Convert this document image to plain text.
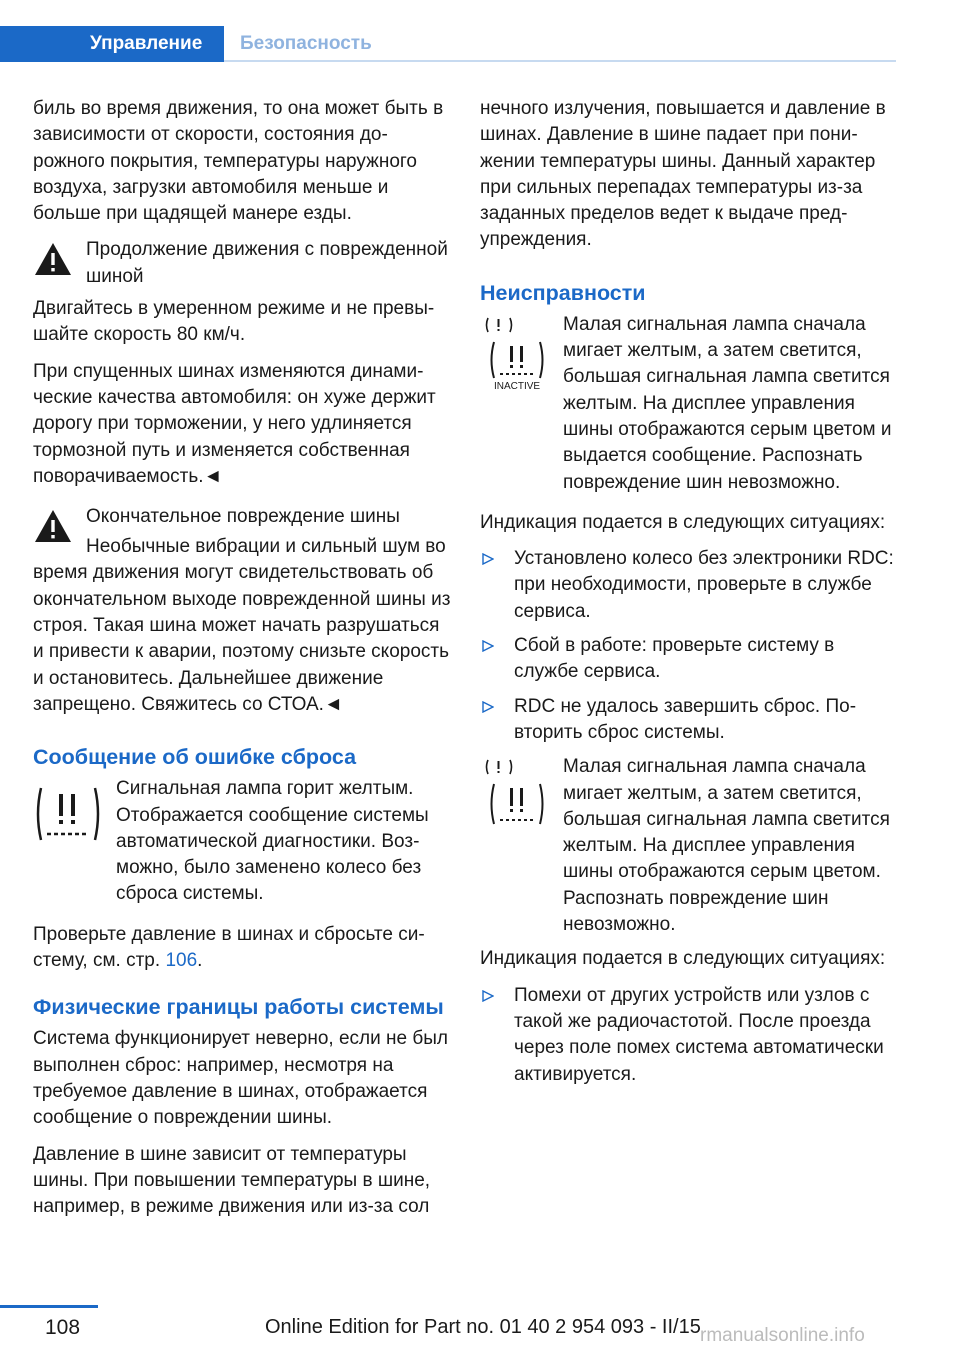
Управление	Безопасность

биль во время движения, то она может быть в зависимости от скорости, состояния дорожного покрытия, температуры наружного воздуха, загрузки автомобиля меньше и больше при щадящей манере езды.

Продолжение движения с поврежденной шиной

Двигайтесь в умеренном режиме и не превышайте скорость 80 км/ч.

При спущенных шинах изменяются динамические качества автомобиля: он хуже держит дорогу при торможении, у него удлиняется тормозной путь и изменяется собственная поворачиваемость.◄

Окончательное повреждение шины

Необычные вибрации и сильный шум во время движения могут свидетельствовать об окончательном выходе поврежденной шины из строя. Такая шина может начать разрушаться и привести к аварии, поэтому снизьте скорость и остановитесь. Дальнейшее движение запрещено. Свяжитесь со СТОА.◄

Сообщение об ошибке сброса
Сигнальная лампа горит желтым. Отображается сообщение системы автоматической диагностики. Возможно, было заменено колесо без сброса системы.

Проверьте давление в шинах и сбросьте систему, см. стр. 106.

Физические границы работы системы

Система функционирует неверно, если не был выполнен сброс: например, несмотря на требуемое давление в шинах, отображается сообщение о повреждении шины.

Давление в шине зависит от температуры шины. При повышении температуры в шине, например, в режиме движения или из-за сол

нечного излучения, повышается и давление в шинах. Давление в шине падает при понижении температуры шины. Данный характер при сильных перепадах температуры из-за заданных пределов ведет к выдаче предупреждения.

Неисправности
INACTIVE
Малая сигнальная лампа сначала мигает желтым, а затем светится, большая сигнальная лампа светится желтым. На дисплее управления шины отображаются серым цветом и выдается сообщение. Распознать повреждение шин невозможно.

Индикация подается в следующих ситуациях:

Установлено колесо без электроники RDC: при необходимости, проверьте в службе сервиса.
Сбой в работе: проверьте систему в службе сервиса.
RDC не удалось завершить сброс. Повторить сброс системы.
Малая сигнальная лампа сначала мигает желтым, а затем светится, большая сигнальная лампа светится желтым. На дисплее управления шины отображаются серым цветом. Распознать повреждение шин невозможно.

Индикация подается в следующих ситуациях:

Помехи от других устройств или узлов с такой же радиочастотой. После проезда через поле помех система автоматически активируется.
108	Online Edition for Part no. 01 40 2 954 093 - II/15 rmanualsonline.info
